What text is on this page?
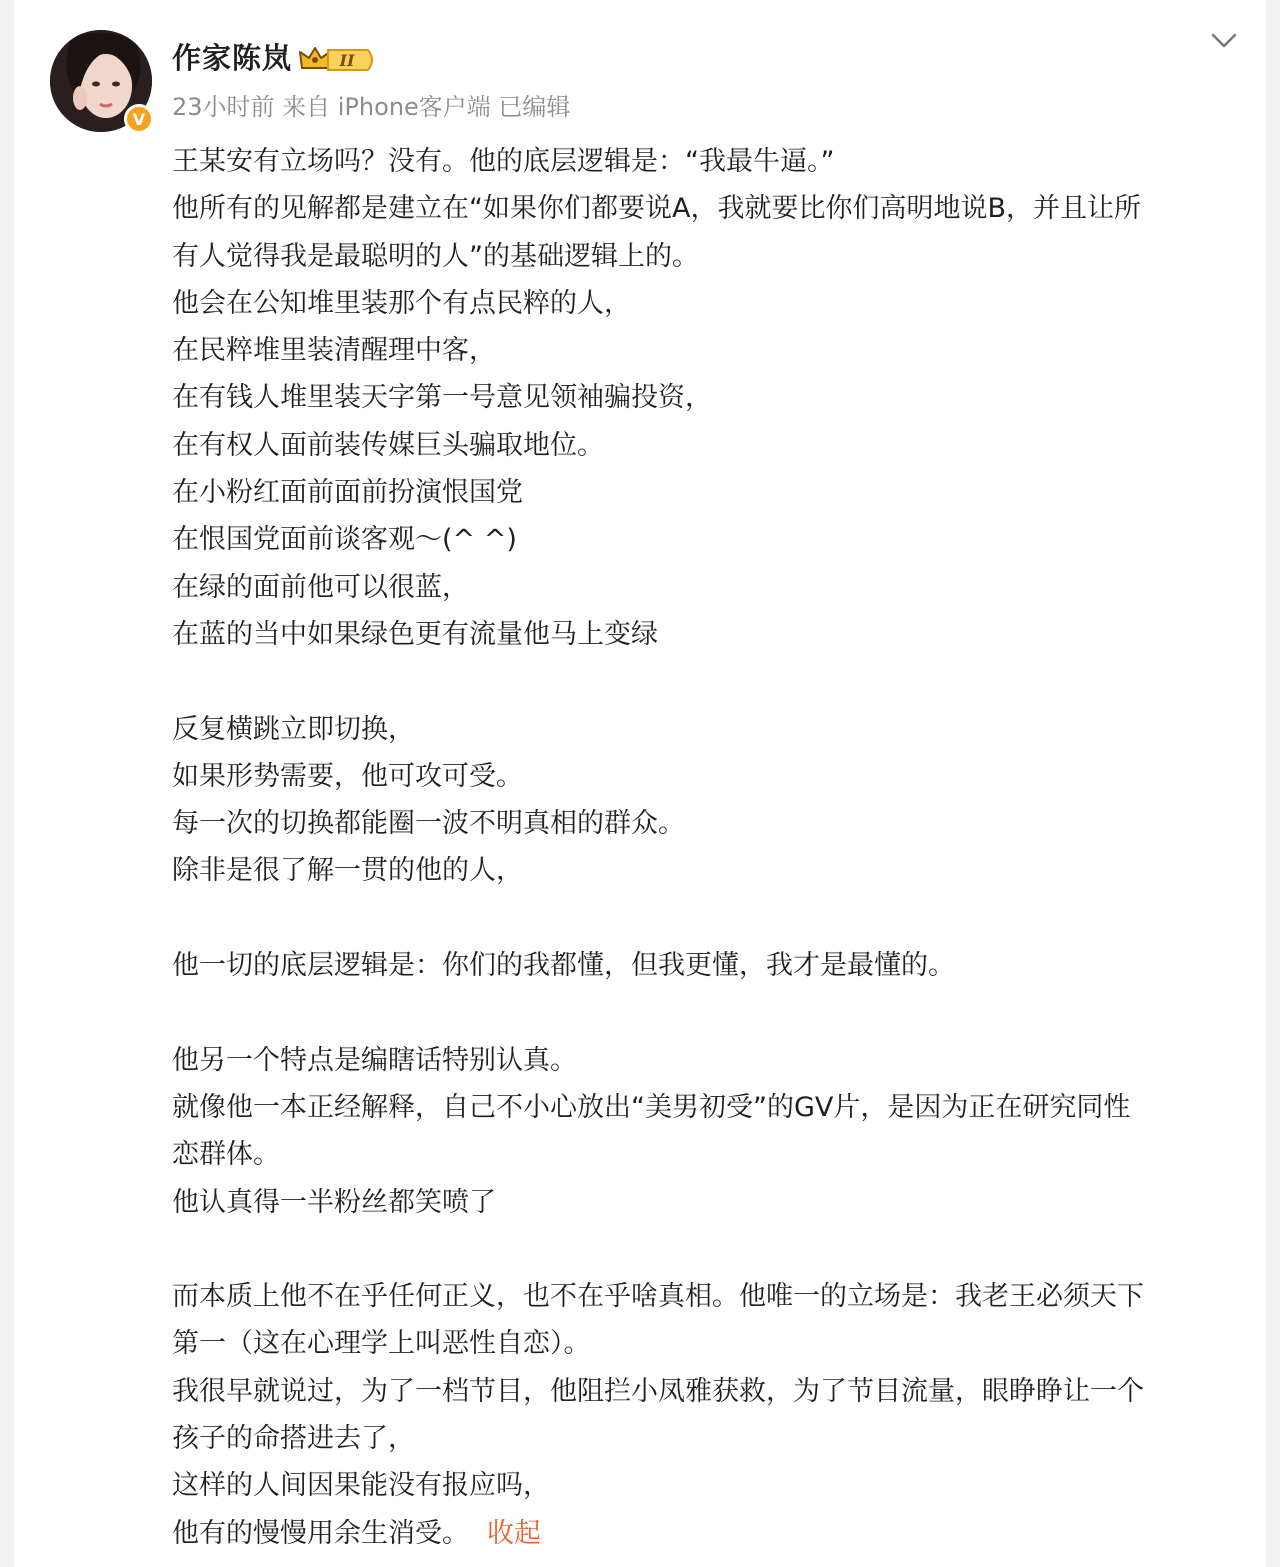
V
作家陈岚	II
23小时前 来自 iPhone客户端 已编辑
王某安有立场吗？没有。他的底层逻辑是：“我最牛逼。”
他所有的见解都是建立在“如果你们都要说A，我就要比你们高明地说B，并且让所
有人觉得我是最聪明的人”的基础逻辑上的。
他会在公知堆里装那个有点民粹的人，
在民粹堆里装清醒理中客，
在有钱人堆里装天字第一号意见领袖骗投资，
在有权人面前装传媒巨头骗取地位。
在小粉红面前面前扮演恨国党
在恨国党面前谈客观～(^ ^)
在绿的面前他可以很蓝，
在蓝的当中如果绿色更有流量他马上变绿
反复横跳立即切换，
如果形势需要，他可攻可受。
每一次的切换都能圈一波不明真相的群众。
除非是很了解一贯的他的人，
他一切的底层逻辑是：你们的我都懂，但我更懂，我才是最懂的。
他另一个特点是编瞎话特别认真。
就像他一本正经解释，自己不小心放出“美男初受”的GV片，是因为正在研究同性
恋群体。
他认真得一半粉丝都笑喷了
而本质上他不在乎任何正义，也不在乎啥真相。他唯一的立场是：我老王必须天下
第一（这在心理学上叫恶性自恋）。
我很早就说过，为了一档节目，他阻拦小凤雅获救，为了节目流量，眼睁睁让一个
孩子的命搭进去了，
这样的人间因果能没有报应吗，
他有的慢慢用余生消受。 收起
